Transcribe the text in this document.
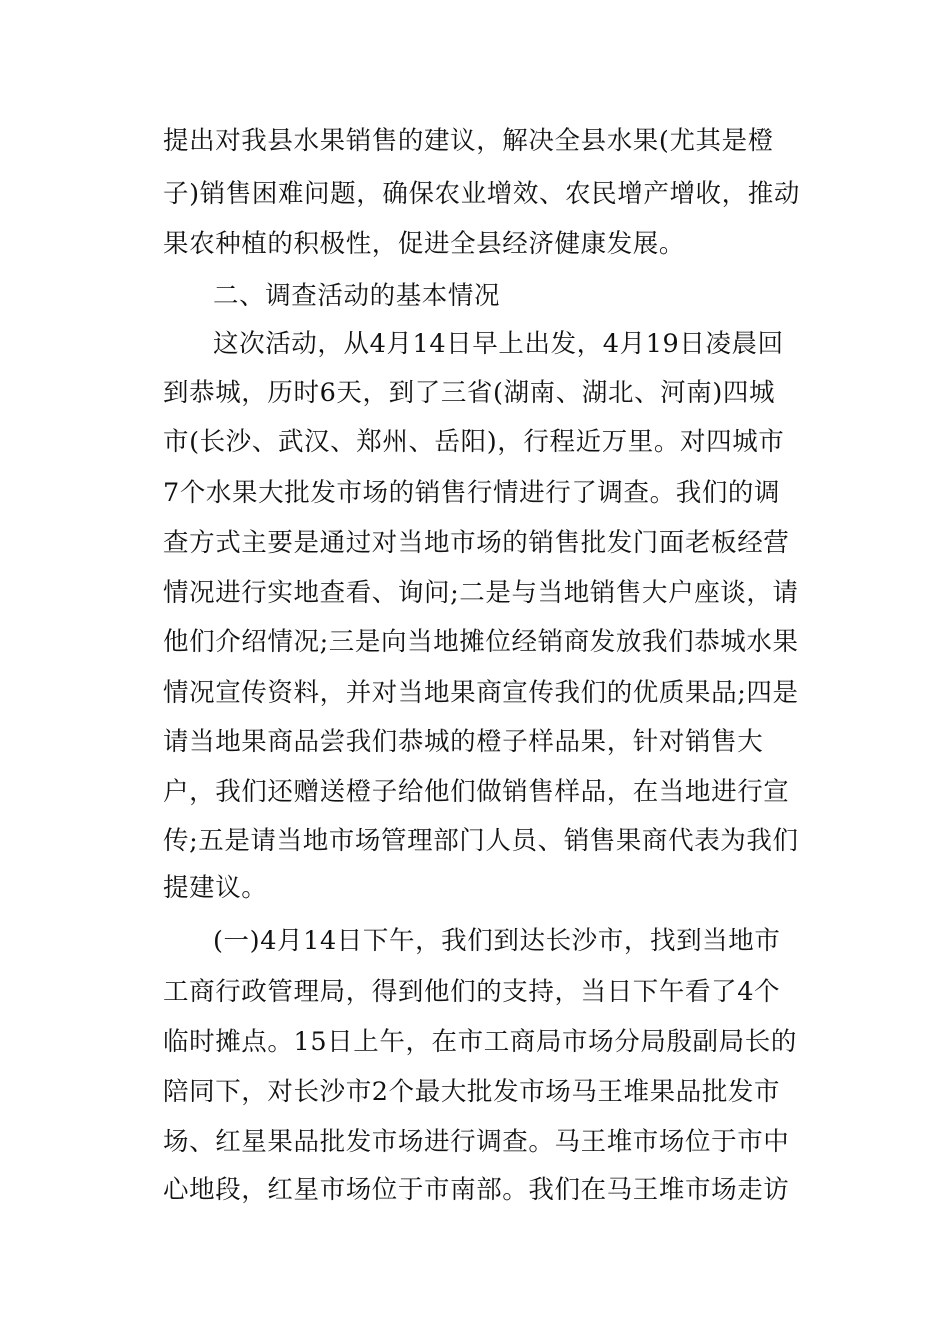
提出对我县水果销售的建议，解决全县水果(尤其是橙
子)销售困难问题，确保农业增效、农民增产增收，推动
果农种植的积极性，促进全县经济健康发展。
二、调查活动的基本情况
这次活动，从4月14日早上出发，4月19日凌晨回
到恭城，历时6天，到了三省(湖南、湖北、河南)四城
市(长沙、武汉、郑州、岳阳)，行程近万里。对四城市
7个水果大批发市场的销售行情进行了调查。我们的调
查方式主要是通过对当地市场的销售批发门面老板经营
情况进行实地查看、询问;二是与当地销售大户座谈，请
他们介绍情况;三是向当地摊位经销商发放我们恭城水果
情况宣传资料，并对当地果商宣传我们的优质果品;四是
请当地果商品尝我们恭城的橙子样品果，针对销售大
户，我们还赠送橙子给他们做销售样品，在当地进行宣
传;五是请当地市场管理部门人员、销售果商代表为我们
提建议。
(一)4月14日下午，我们到达长沙市，找到当地市
工商行政管理局，得到他们的支持，当日下午看了4个
临时摊点。15日上午，在市工商局市场分局殷副局长的
陪同下，对长沙市2个最大批发市场马王堆果品批发市
场、红星果品批发市场进行调查。马王堆市场位于市中
心地段，红星市场位于市南部。我们在马王堆市场走访
